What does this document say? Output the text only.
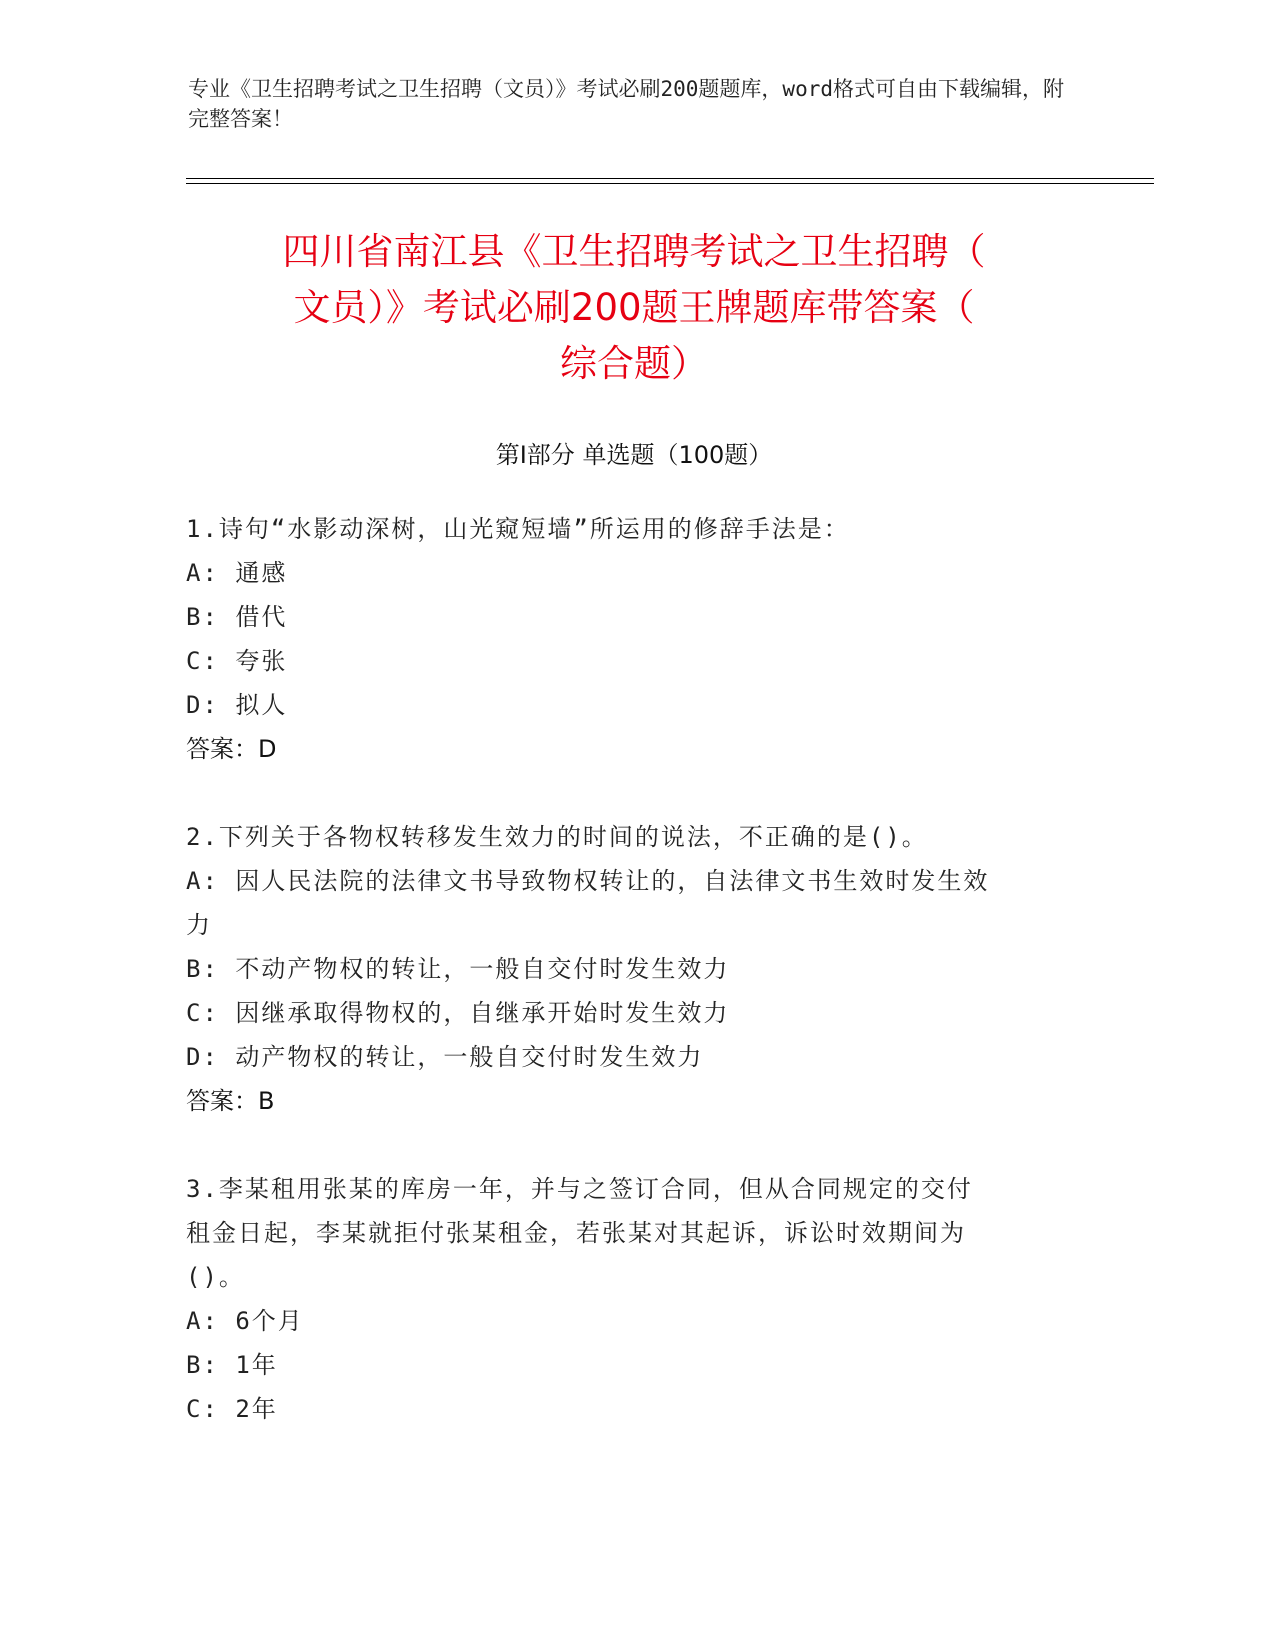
专业《卫生招聘考试之卫生招聘（文员）》考试必刷200题题库，word格式可自由下载编辑，附完整答案！

四川省南江县《卫生招聘考试之卫生招聘（
文员）》考试必刷200题王牌题库带答案（
综合题）
第Ⅰ部分 单选题（100题）

1.诗句“水影动深树，山光窥短墙”所运用的修辞手法是：

A: 通感

B: 借代

C: 夸张

D: 拟人

答案：D

2.下列关于各物权转移发生效力的时间的说法，不正确的是()。

A: 因人民法院的法律文书导致物权转让的，自法律文书生效时发生效

力

B: 不动产物权的转让，一般自交付时发生效力

C: 因继承取得物权的，自继承开始时发生效力

D: 动产物权的转让，一般自交付时发生效力

答案：B

3.李某租用张某的库房一年，并与之签订合同，但从合同规定的交付

租金日起，李某就拒付张某租金，若张某对其起诉，诉讼时效期间为

()。

A: 6个月

B: 1年

C: 2年
